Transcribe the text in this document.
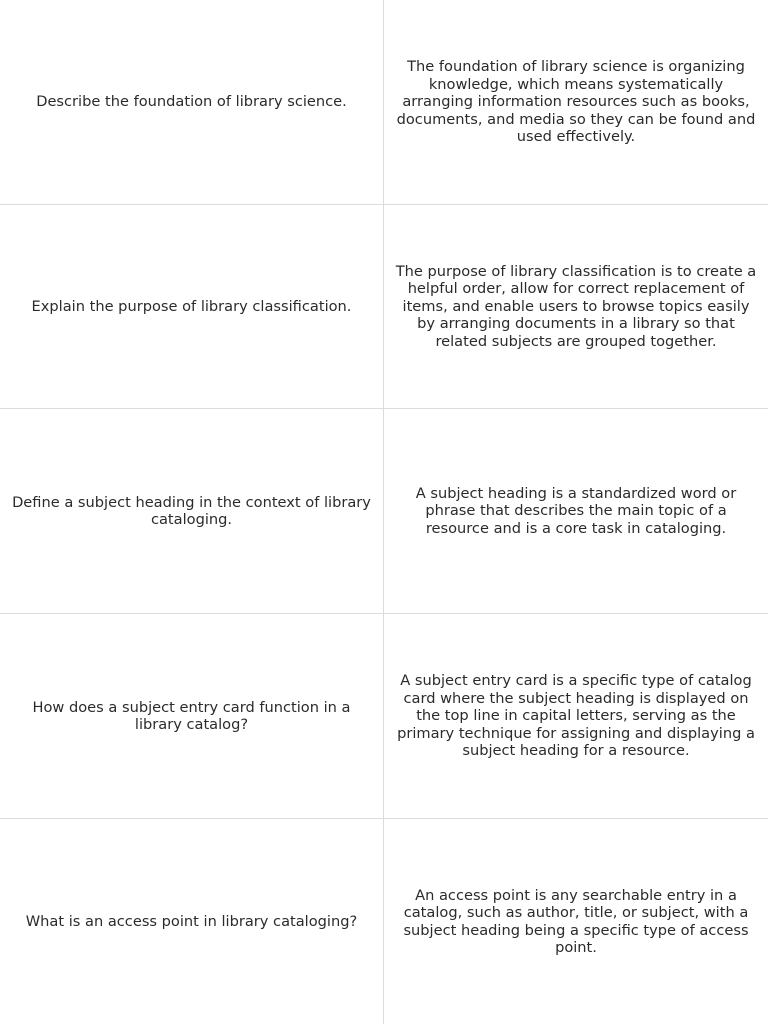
Describe the foundation of library science.
The foundation of library science is organizing knowledge, which means systematically arranging information resources such as books, documents, and media so they can be found and used effectively.
Explain the purpose of library classification.
The purpose of library classification is to create a helpful order, allow for correct replacement of items, and enable users to browse topics easily by arranging documents in a library so that related subjects are grouped together.
Define a subject heading in the context of library cataloging.
A subject heading is a standardized word or phrase that describes the main topic of a resource and is a core task in cataloging.
How does a subject entry card function in a library catalog?
A subject entry card is a specific type of catalog card where the subject heading is displayed on the top line in capital letters, serving as the primary technique for assigning and displaying a subject heading for a resource.
What is an access point in library cataloging?
An access point is any searchable entry in a catalog, such as author, title, or subject, with a subject heading being a specific type of access point.
